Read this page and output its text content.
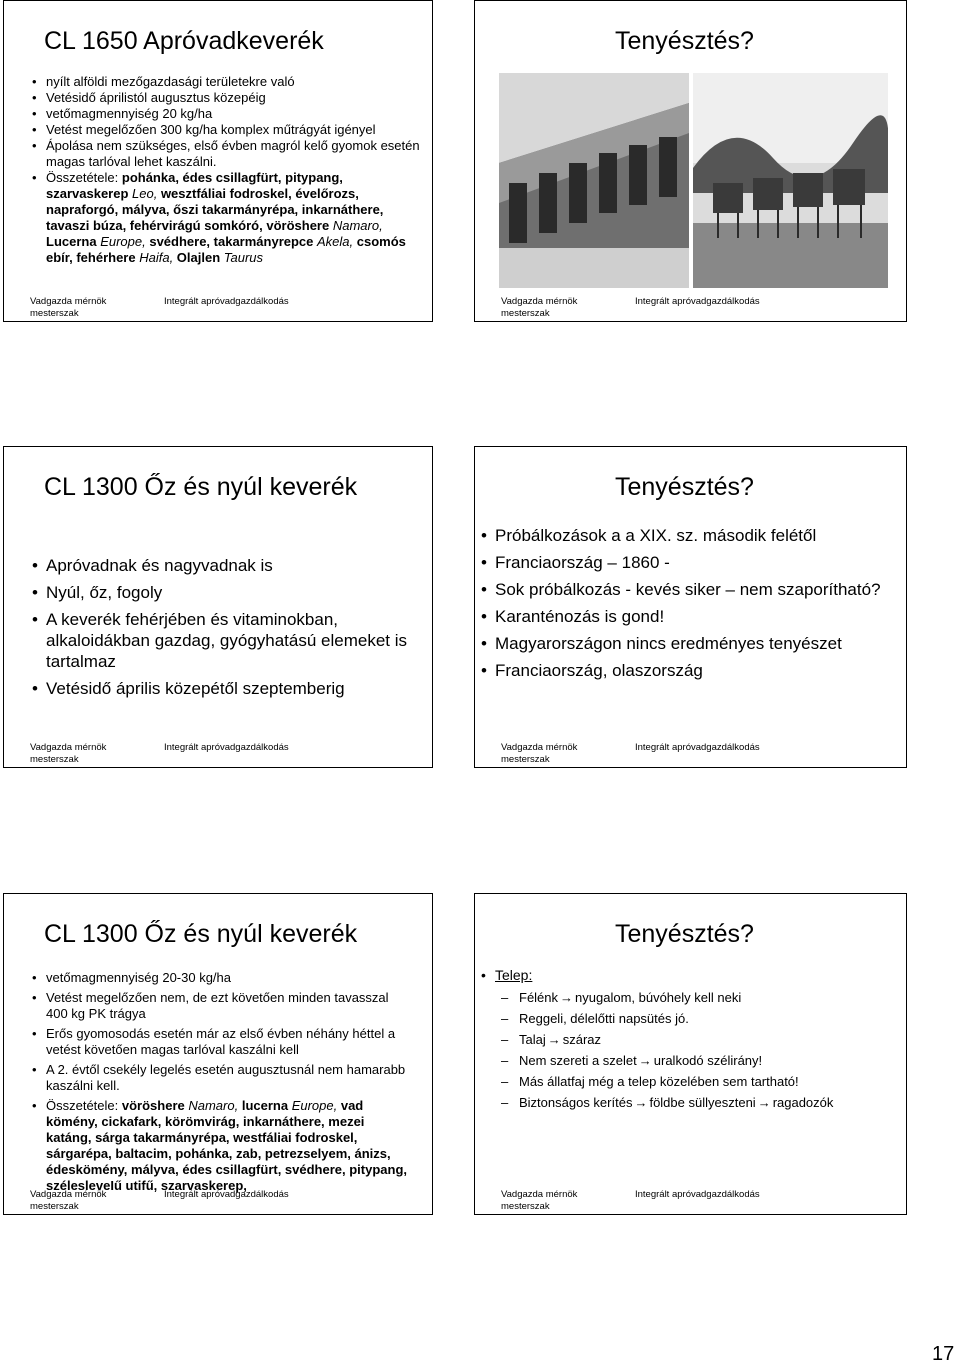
CL 1650 Apróvadkeverék
• nyílt alföldi mezőgazdasági területekre való
• Vetésidő áprilistól augusztus közepéig
• vetőmagmennyiség 20 kg/ha
• Vetést megelőzően 300 kg/ha komplex műtrágyát igényel
• Ápolása nem szükséges, első évben magról kelő gyomok esetén magas tarlóval lehet kaszálni.
• Összetétele: pohánka, édes csillagfürt, pitypang, szarvaskerep Leo, wesztfáliai fodroskel, évelőrozs, napraforgó, mályva, őszi takarmányrépa, inkarnáthere, tavaszi búza, fehérvirágú somkóró, vöröshere Namaro, Lucerna Europe, svédhere, takarmányrepce Akela, csomós ebír, fehérhere Haifa, Olajlen Taurus
Vadgazda mérnök mesterszak
Integrált apróvadgazdálkodás
Tenyésztés?
Vadgazda mérnök mesterszak
Integrált apróvadgazdálkodás
CL 1300 Őz és nyúl keverék
• Apróvadnak és nagyvadnak is
• Nyúl, őz, fogoly
• A keverék fehérjében és vitaminokban, alkaloidákban gazdag, gyógyhatású elemeket is tartalmaz
• Vetésidő április közepétől szeptemberig
Vadgazda mérnök mesterszak
Integrált apróvadgazdálkodás
Tenyésztés?
• Próbálkozások a a XIX. sz. második felétől
• Franciaország – 1860 -
• Sok próbálkozás - kevés siker – nem szaporítható?
• Karanténozás is gond!
• Magyarországon nincs eredményes tenyészet
• Franciaország, olaszország
Vadgazda mérnök mesterszak
Integrált apróvadgazdálkodás
CL 1300 Őz és nyúl keverék
• vetőmagmennyiség 20-30 kg/ha
• Vetést megelőzően nem, de ezt követően minden tavasszal 400 kg PK trágya
• Erős gyomosodás esetén már az első évben néhány héttel a vetést követően magas tarlóval kaszálni kell
• A 2. évtől csekély legelés esetén augusztusnál nem hamarabb kaszálni kell.
• Összetétele: vöröshere Namaro, lucerna Europe, vad kömény, cickafark, körömvirág, inkarnáthere, mezei katáng, sárga takarmányrépa, westfáliai fodroskel, sárgarépa, baltacim, pohánka, zab, petrezselyem, ánizs, édeskömény, mályva, édes csillagfürt, svédhere, pitypang, szélesleveIű utifű, szarvaskerep,
Vadgazda mérnök mesterszak
Integrált apróvadgazdálkodás
Tenyésztés?
• Telep:
– Félénk → nyugalom, búvóhely kell neki
– Reggeli, délelőtti napsütés jó.
– Talaj → száraz
– Nem szereti a szelet → uralkodó szélirány!
– Más állatfaj még a telep közelében sem tartható!
– Biztonságos kerítés → földbe süllyeszteni → ragadozók
Vadgazda mérnök mesterszak
Integrált apróvadgazdálkodás
17
